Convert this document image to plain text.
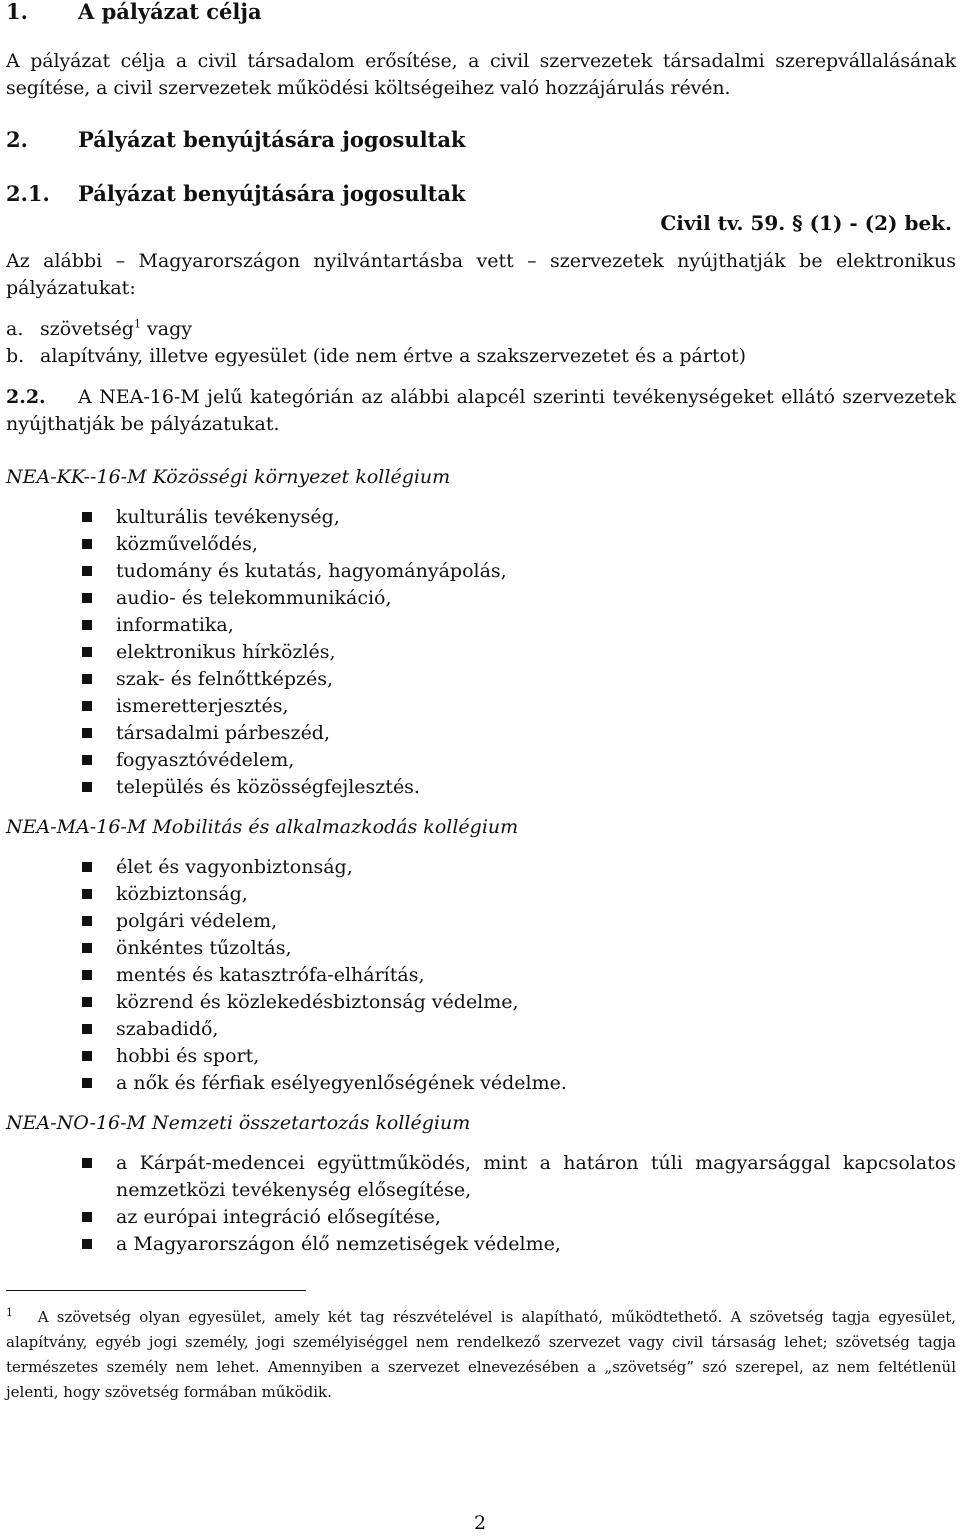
1. A pályázat célja
A pályázat célja a civil társadalom erősítése, a civil szervezetek társadalmi szerepvállalásának segítése, a civil szervezetek működési költségeihez való hozzájárulás révén.
2. Pályázat benyújtására jogosultak
2.1. Pályázat benyújtására jogosultak
Civil tv. 59. § (1) - (2) bek.
Az alábbi – Magyarországon nyilvántartásba vett – szervezetek nyújthatják be elektronikus pályázatukat:
a. szövetség$^1$ vagy
b. alapítvány, illetve egyesület (ide nem értve a szakszervezetet és a pártot)
2.2. A NEA-16-M jelű kategórián az alábbi alapcél szerinti tevékenységeket ellátó szervezetek nyújthatják be pályázatukat.
NEA-KK--16-M Közösségi környezet kollégium
kulturális tevékenység,
közművelődés,
tudomány és kutatás, hagyományápolás,
audio- és telekommunikáció,
informatika,
elektronikus hírközlés,
szak- és felnőttképzés,
ismeretterjesztés,
társadalmi párbeszéd,
fogyasztóvédelem,
település és közösségfejlesztés.
NEA-MA-16-M Mobilitás és alkalmazkodás kollégium
élet és vagyonbiztonság,
közbiztonság,
polgári védelem,
önkéntes tűzoltás,
mentés és katasztrófa-elhárítás,
közrend és közlekedésbiztonság védelme,
szabadidő,
hobbi és sport,
a nők és férfiak esélyegyenlőségének védelme.
NEA-NO-16-M Nemzeti összetartozás kollégium
a Kárpát-medencei együttműködés, mint a határon túli magyarsággal kapcsolatos nemzetközi tevékenység elősegítése,
az európai integráció elősegítése,
a Magyarországon élő nemzetiségek védelme,
$^1$ A szövetség olyan egyesület, amely két tag részvételével is alapítható, működtethető. A szövetség tagja egyesület, alapítvány, egyéb jogi személy, jogi személyiséggel nem rendelkező szervezet vagy civil társaság lehet; szövetség tagja természetes személy nem lehet. Amennyiben a szervezet elnevezésében a „szövetség” szó szerepel, az nem feltétlenül jelenti, hogy szövetség formában működik.
2
